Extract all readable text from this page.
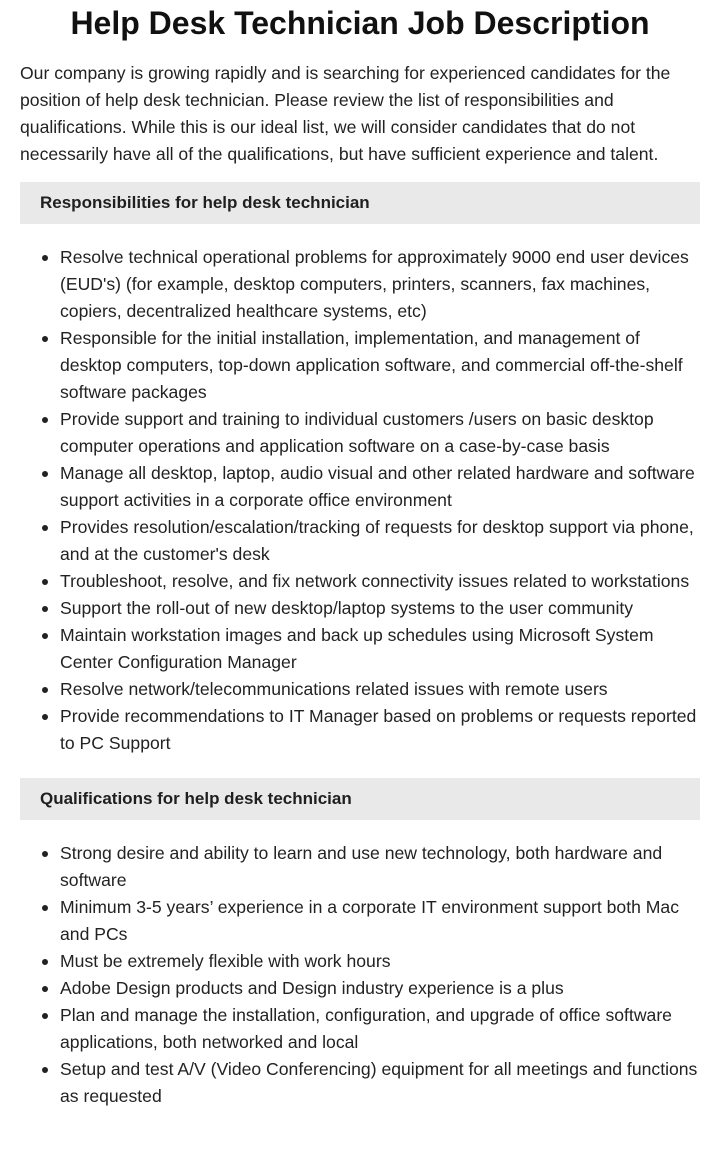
Help Desk Technician Job Description

Our company is growing rapidly and is searching for experienced candidates for the position of help desk technician. Please review the list of responsibilities and qualifications. While this is our ideal list, we will consider candidates that do not necessarily have all of the qualifications, but have sufficient experience and talent.

Responsibilities for help desk technician
Resolve technical operational problems for approximately 9000 end user devices (EUD's) (for example, desktop computers, printers, scanners, fax machines, copiers, decentralized healthcare systems, etc)
Responsible for the initial installation, implementation, and management of desktop computers, top-down application software, and commercial off-the-shelf software packages
Provide support and training to individual customers /users on basic desktop computer operations and application software on a case-by-case basis
Manage all desktop, laptop, audio visual and other related hardware and software support activities in a corporate office environment
Provides resolution/escalation/tracking of requests for desktop support via phone, and at the customer's desk
Troubleshoot, resolve, and fix network connectivity issues related to workstations
Support the roll-out of new desktop/laptop systems to the user community
Maintain workstation images and back up schedules using Microsoft System Center Configuration Manager
Resolve network/telecommunications related issues with remote users
Provide recommendations to IT Manager based on problems or requests reported to PC Support
Qualifications for help desk technician
Strong desire and ability to learn and use new technology, both hardware and software
Minimum 3-5 years’ experience in a corporate IT environment support both Mac and PCs
Must be extremely flexible with work hours
Adobe Design products and Design industry experience is a plus
Plan and manage the installation, configuration, and upgrade of office software applications, both networked and local
Setup and test A/V (Video Conferencing) equipment for all meetings and functions as requested
